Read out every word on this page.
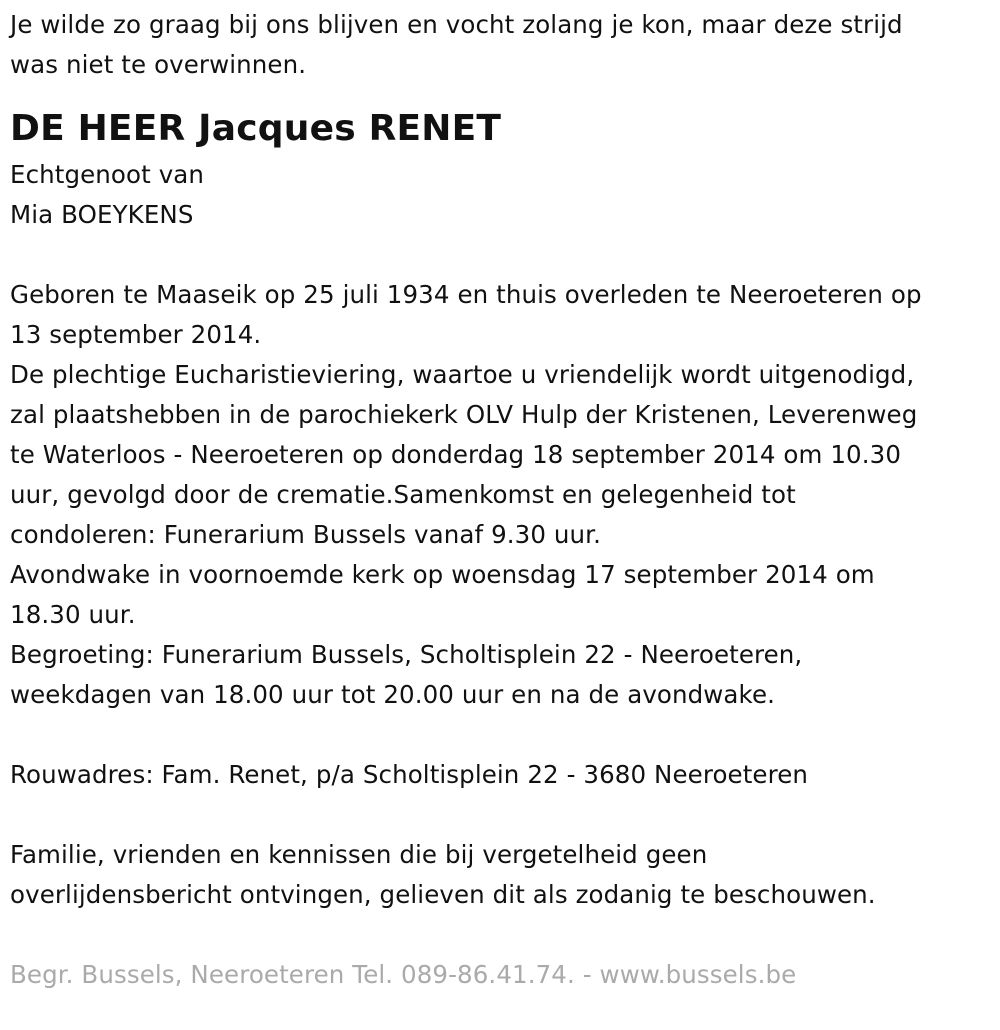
Je wilde zo graag bij ons blijven en vocht zolang je kon, maar deze strijd
was niet te overwinnen.
DE HEER Jacques RENET
Echtgenoot van
Mia BOEYKENS
Geboren te Maaseik op 25 juli 1934 en thuis overleden te Neeroeteren op
13 september 2014.
De plechtige Eucharistieviering, waartoe u vriendelijk wordt uitgenodigd,
zal plaatshebben in de parochiekerk OLV Hulp der Kristenen, Leverenweg
te Waterloos - Neeroeteren op donderdag 18 september 2014 om 10.30
uur, gevolgd door de crematie.Samenkomst en gelegenheid tot
condoleren: Funerarium Bussels vanaf 9.30 uur.
Avondwake in voornoemde kerk op woensdag 17 september 2014 om
18.30 uur.
Begroeting: Funerarium Bussels, Scholtisplein 22 - Neeroeteren,
weekdagen van 18.00 uur tot 20.00 uur en na de avondwake.
Rouwadres: Fam. Renet, p/a Scholtisplein 22 - 3680 Neeroeteren
Familie, vrienden en kennissen die bij vergetelheid geen
overlijdensbericht ontvingen, gelieven dit als zodanig te beschouwen.
Begr. Bussels, Neeroeteren Tel. 089-86.41.74. - www.bussels.be
